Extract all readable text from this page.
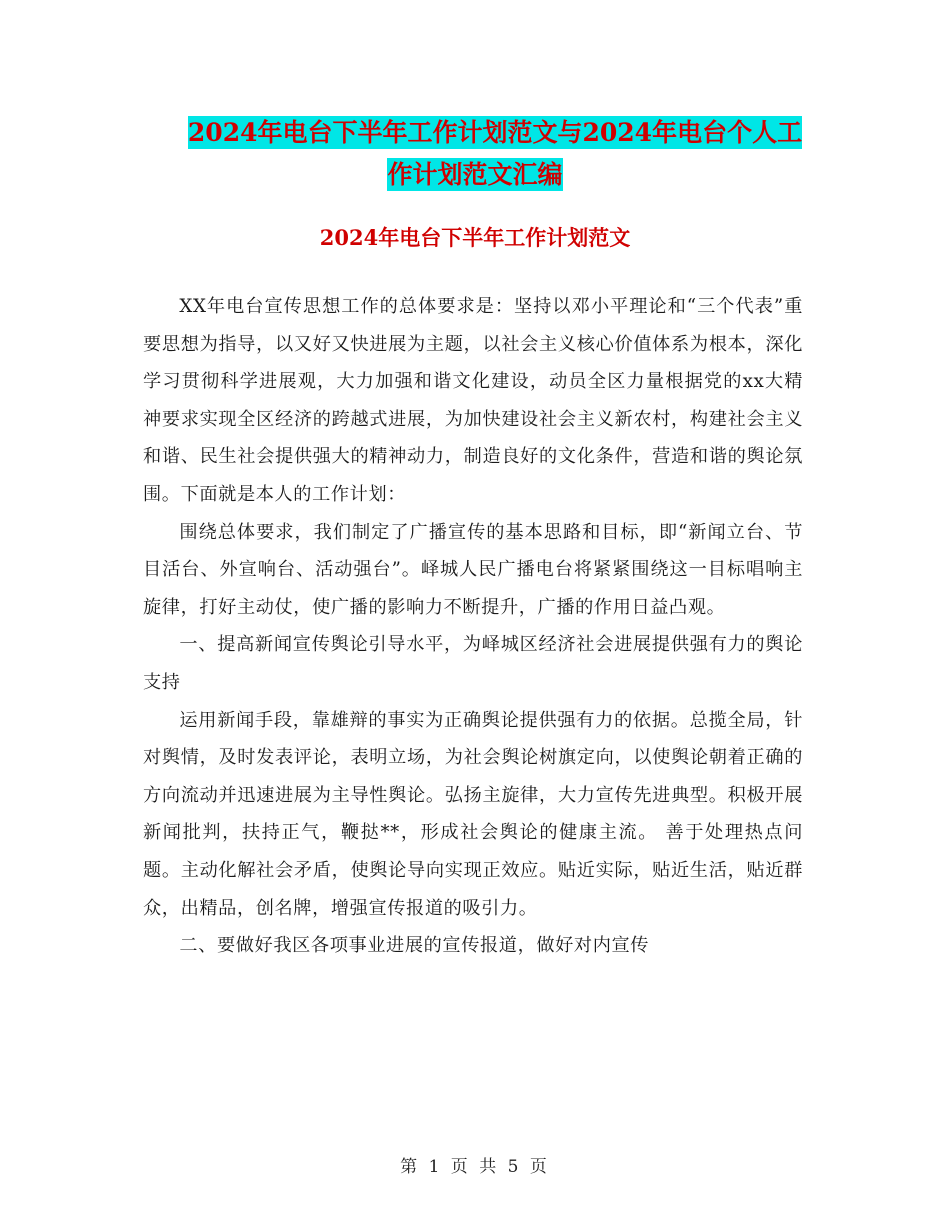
2024年电台下半年工作计划范文与2024年电台个人工
作计划范文汇编
2024年电台下半年工作计划范文

XX年电台宣传思想工作的总体要求是：坚持以邓小平理论和“三个代表”重要思想为指导，以又好又快进展为主题，以社会主义核心价值体系为根本，深化学习贯彻科学进展观，大力加强和谐文化建设，动员全区力量根据党的xx大精神要求实现全区经济的跨越式进展，为加快建设社会主义新农村，构建社会主义和谐、民生社会提供强大的精神动力，制造良好的文化条件，营造和谐的舆论氛围。下面就是本人的工作计划：

围绕总体要求，我们制定了广播宣传的基本思路和目标，即“新闻立台、节目活台、外宣响台、活动强台”。峄城人民广播电台将紧紧围绕这一目标唱响主旋律，打好主动仗，使广播的影响力不断提升，广播的作用日益凸观。

一、提高新闻宣传舆论引导水平，为峄城区经济社会进展提供强有力的舆论支持

运用新闻手段，靠雄辩的事实为正确舆论提供强有力的依据。总揽全局，针对舆情，及时发表评论，表明立场，为社会舆论树旗定向，以使舆论朝着正确的方向流动并迅速进展为主导性舆论。弘扬主旋律，大力宣传先进典型。积极开展新闻批判，扶持正气，鞭挞**，形成社会舆论的健康主流。 善于处理热点问题。主动化解社会矛盾，使舆论导向实现正效应。贴近实际，贴近生活，贴近群众，出精品，创名牌，增强宣传报道的吸引力。

二、要做好我区各项事业进展的宣传报道，做好对内宣传

第 1 页 共 5 页
